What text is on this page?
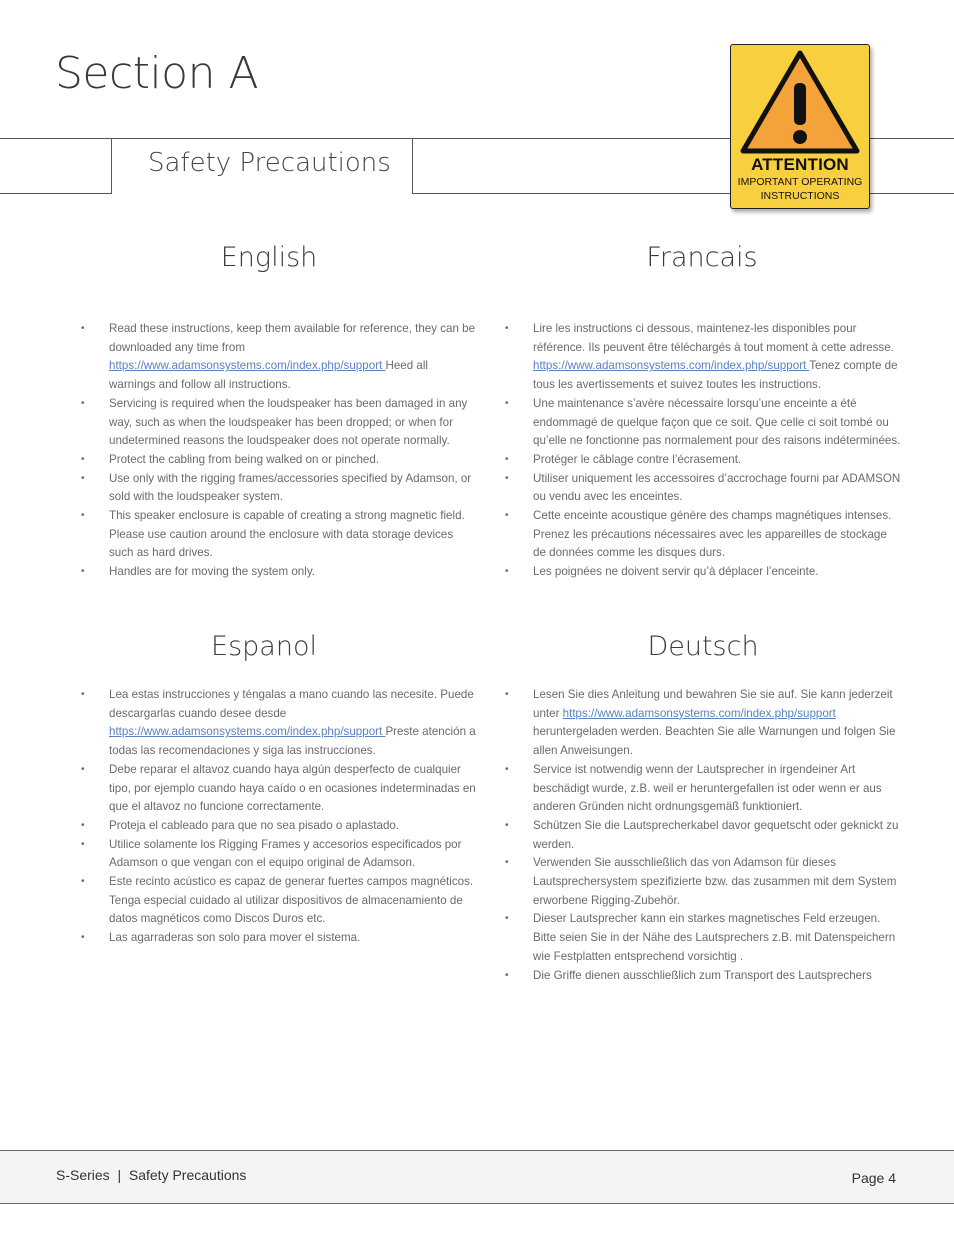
Section A
Safety Precautions	ATTENTION
IMPORTANT OPERATING
INSTRUCTIONS
English	Francais
Espanol	Deutsch
• Read these instructions, keep them available for reference, they can be downloaded any time from https://www.adamsonsystems.com/index.php/support Heed all warnings and follow all instructions.
• Servicing is required when the loudspeaker has been damaged in any way, such as when the loudspeaker has been dropped; or when for undetermined reasons the loudspeaker does not operate normally.
• Protect the cabling from being walked on or pinched.
• Use only with the rigging frames/accessories specified by Adamson, or sold with the loudspeaker system.
• This speaker enclosure is capable of creating a strong magnetic field. Please use caution around the enclosure with data storage devices such as hard drives.
• Handles are for moving the system only.
• Lire les instructions ci dessous, maintenez-les disponibles pour référence. Ils peuvent être téléchargés à tout moment à cette adresse. https://www.adamsonsystems.com/index.php/support Tenez compte de tous les avertissements et suivez toutes les instructions.
• Une maintenance s’avère nécessaire lorsqu’une enceinte a été endommagé de quelque façon que ce soit. Que celle ci soit tombé ou qu’elle ne fonctionne pas normalement pour des raisons indéterminées.
• Protéger le câblage contre l’écrasement.
• Utiliser uniquement les accessoires d’accrochage fourni par ADAMSON ou vendu avec les enceintes.
• Cette enceinte acoustique génère des champs magnétiques intenses. Prenez les précautions nécessaires avec les appareilles de stockage de données comme les disques durs.
• Les poignées ne doivent servir qu’à déplacer l’enceinte.
• Lea estas instrucciones y téngalas a mano cuando las necesite. Puede descargarlas cuando desee desde https://www.adamsonsystems.com/index.php/support Preste atención a todas las recomendaciones y siga las instrucciones.
• Debe reparar el altavoz cuando haya algún desperfecto de cualquier tipo, por ejemplo cuando haya caído o en ocasiones indeterminadas en que el altavoz no funcione correctamente.
• Proteja el cableado para que no sea pisado o aplastado.
• Utilice solamente los Rigging Frames y accesorios especificados por Adamson o que vengan con el equipo original de Adamson.
• Este recinto acústico es capaz de generar fuertes campos magnéticos. Tenga especial cuidado al utilizar dispositivos de almacenamiento de datos magnéticos como Discos Duros etc.
• Las agarraderas son solo para mover el sistema.
• Lesen Sie dies Anleitung und bewahren Sie sie auf. Sie kann jederzeit unter https://www.adamsonsystems.com/index.php/support heruntergeladen werden. Beachten Sie alle Warnungen und folgen Sie allen Anweisungen.
• Service ist notwendig wenn der Lautsprecher in irgendeiner Art beschädigt wurde, z.B. weil er heruntergefallen ist oder wenn er aus anderen Gründen nicht ordnungsgemäß funktioniert.
• Schützen Sie die Lautsprecherkabel davor gequetscht oder geknickt zu werden.
• Verwenden Sie ausschließlich das von Adamson für dieses Lautsprechersystem spezifizierte bzw. das zusammen mit dem System erworbene Rigging-Zubehör.
• Dieser Lautsprecher kann ein starkes magnetisches Feld erzeugen. Bitte seien Sie in der Nähe des Lautsprechers z.B. mit Datenspeichern wie Festplatten entsprechend vorsichtig .
• Die Griffe dienen ausschließlich zum Transport des Lautsprechers
S-Series  |  Safety Precautions	Page 4
